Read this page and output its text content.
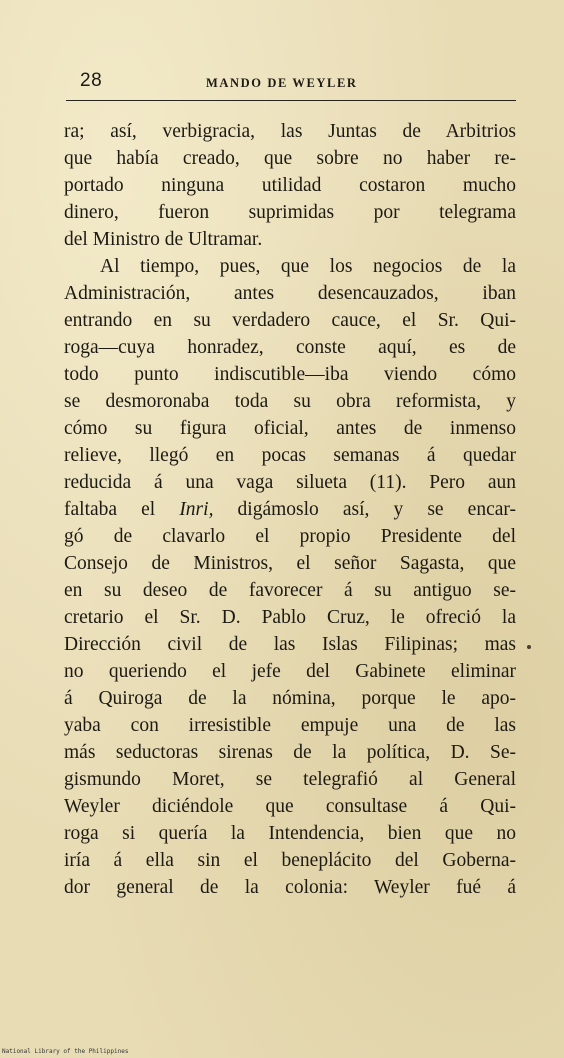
28	MANDO DE WEYLER
ra; así, verbigracia, las Juntas de Arbitrios
que había creado, que sobre no haber re-
portado ninguna utilidad costaron mucho
dinero, fueron suprimidas por telegrama
del Ministro de Ultramar.
Al tiempo, pues, que los negocios de la
Administración, antes desencauzados, iban
entrando en su verdadero cauce, el Sr. Qui-
roga—cuya honradez, conste aquí, es de
todo punto indiscutible—iba viendo cómo
se desmoronaba toda su obra reformista, y
cómo su figura oficial, antes de inmenso
relieve, llegó en pocas semanas á quedar
reducida á una vaga silueta (11). Pero aun
faltaba el Inri, digámoslo así, y se encar-
gó de clavarlo el propio Presidente del
Consejo de Ministros, el señor Sagasta, que
en su deseo de favorecer á su antiguo se-
cretario el Sr. D. Pablo Cruz, le ofreció la
Dirección civil de las Islas Filipinas; mas
no queriendo el jefe del Gabinete eliminar
á Quiroga de la nómina, porque le apo-
yaba con irresistible empuje una de las
más seductoras sirenas de la política, D. Se-
gismundo Moret, se telegrafió al General
Weyler diciéndole que consultase á Qui-
roga si quería la Intendencia, bien que no
iría á ella sin el beneplácito del Goberna-
dor general de la colonia: Weyler fué á
National Library of the Philippines
